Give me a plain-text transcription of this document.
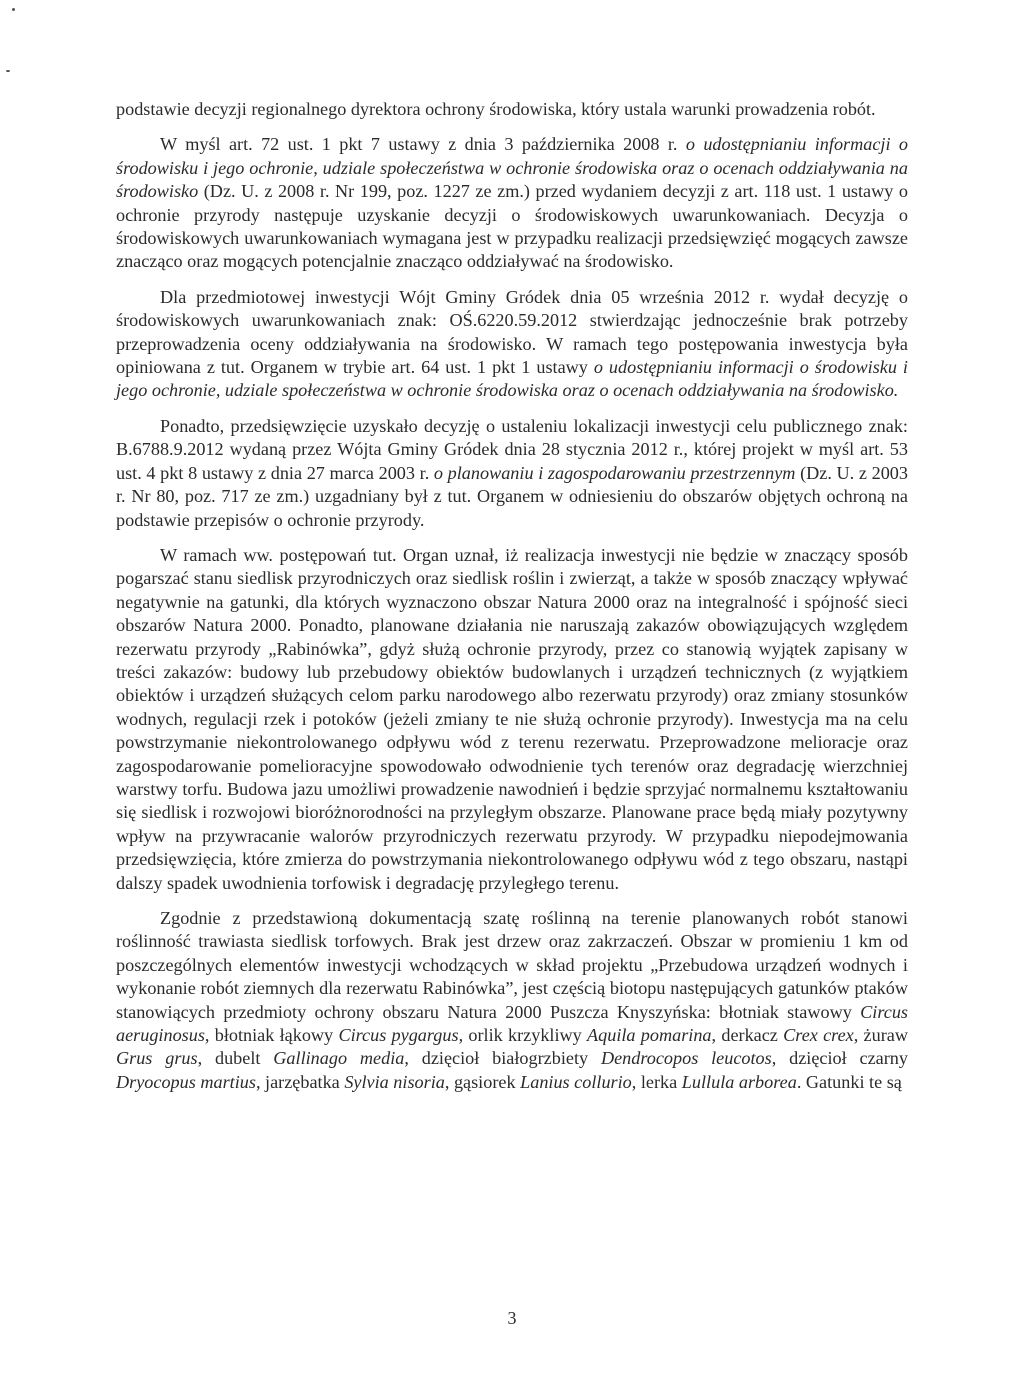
podstawie decyzji regionalnego dyrektora ochrony środowiska, który ustala warunki prowadzenia robót.

W myśl art. 72 ust. 1 pkt 7 ustawy z dnia 3 października 2008 r. o udostępnianiu informacji o środowisku i jego ochronie, udziale społeczeństwa w ochronie środowiska oraz o ocenach oddziaływania na środowisko (Dz. U. z 2008 r. Nr 199, poz. 1227 ze zm.) przed wydaniem decyzji z art. 118 ust. 1 ustawy o ochronie przyrody następuje uzyskanie decyzji o środowiskowych uwarunkowaniach. Decyzja o środowiskowych uwarunkowaniach wymagana jest w przypadku realizacji przedsięwzięć mogących zawsze znacząco oraz mogących potencjalnie znacząco oddziaływać na środowisko.

Dla przedmiotowej inwestycji Wójt Gminy Gródek dnia 05 września 2012 r. wydał decyzję o środowiskowych uwarunkowaniach znak: OŚ.6220.59.2012 stwierdzając jednocześnie brak potrzeby przeprowadzenia oceny oddziaływania na środowisko. W ramach tego postępowania inwestycja była opiniowana z tut. Organem w trybie art. 64 ust. 1 pkt 1 ustawy o udostępnianiu informacji o środowisku i jego ochronie, udziale społeczeństwa w ochronie środowiska oraz o ocenach oddziaływania na środowisko.

Ponadto, przedsięwzięcie uzyskało decyzję o ustaleniu lokalizacji inwestycji celu publicznego znak: B.6788.9.2012 wydaną przez Wójta Gminy Gródek dnia 28 stycznia 2012 r., której projekt w myśl art. 53 ust. 4 pkt 8 ustawy z dnia 27 marca 2003 r. o planowaniu i zagospodarowaniu przestrzennym (Dz. U. z 2003 r. Nr 80, poz. 717 ze zm.) uzgadniany był z tut. Organem w odniesieniu do obszarów objętych ochroną na podstawie przepisów o ochronie przyrody.

W ramach ww. postępowań tut. Organ uznał, iż realizacja inwestycji nie będzie w znaczący sposób pogarszać stanu siedlisk przyrodniczych oraz siedlisk roślin i zwierząt, a także w sposób znaczący wpływać negatywnie na gatunki, dla których wyznaczono obszar Natura 2000 oraz na integralność i spójność sieci obszarów Natura 2000. Ponadto, planowane działania nie naruszają zakazów obowiązujących względem rezerwatu przyrody „Rabinówka”, gdyż służą ochronie przyrody, przez co stanowią wyjątek zapisany w treści zakazów: budowy lub przebudowy obiektów budowlanych i urządzeń technicznych (z wyjątkiem obiektów i urządzeń służących celom parku narodowego albo rezerwatu przyrody) oraz zmiany stosunków wodnych, regulacji rzek i potoków (jeżeli zmiany te nie służą ochronie przyrody). Inwestycja ma na celu powstrzymanie niekontrolowanego odpływu wód z terenu rezerwatu. Przeprowadzone melioracje oraz zagospodarowanie pomelioracyjne spowodowało odwodnienie tych terenów oraz degradację wierzchniej warstwy torfu. Budowa jazu umożliwi prowadzenie nawodnień i będzie sprzyjać normalnemu kształtowaniu się siedlisk i rozwojowi bioróżnorodności na przyległym obszarze. Planowane prace będą miały pozytywny wpływ na przywracanie walorów przyrodniczych rezerwatu przyrody. W przypadku niepodejmowania przedsięwzięcia, które zmierza do powstrzymania niekontrolowanego odpływu wód z tego obszaru, nastąpi dalszy spadek uwodnienia torfowisk i degradację przyległego terenu.

Zgodnie z przedstawioną dokumentacją szatę roślinną na terenie planowanych robót stanowi roślinność trawiasta siedlisk torfowych. Brak jest drzew oraz zakrzaczeń. Obszar w promieniu 1 km od poszczególnych elementów inwestycji wchodzących w skład projektu „Przebudowa urządzeń wodnych i wykonanie robót ziemnych dla rezerwatu Rabinówka”, jest częścią biotopu następujących gatunków ptaków stanowiących przedmioty ochrony obszaru Natura 2000 Puszcza Knyszyńska: błotniak stawowy Circus aeruginosus, błotniak łąkowy Circus pygargus, orlik krzykliwy Aquila pomarina, derkacz Crex crex, żuraw Grus grus, dubelt Gallinago media, dzięcioł białogrzbiety Dendrocopos leucotos, dzięcioł czarny Dryocopus martius, jarzębatka Sylvia nisoria, gąsiorek Lanius collurio, lerka Lullula arborea. Gatunki te są

3
